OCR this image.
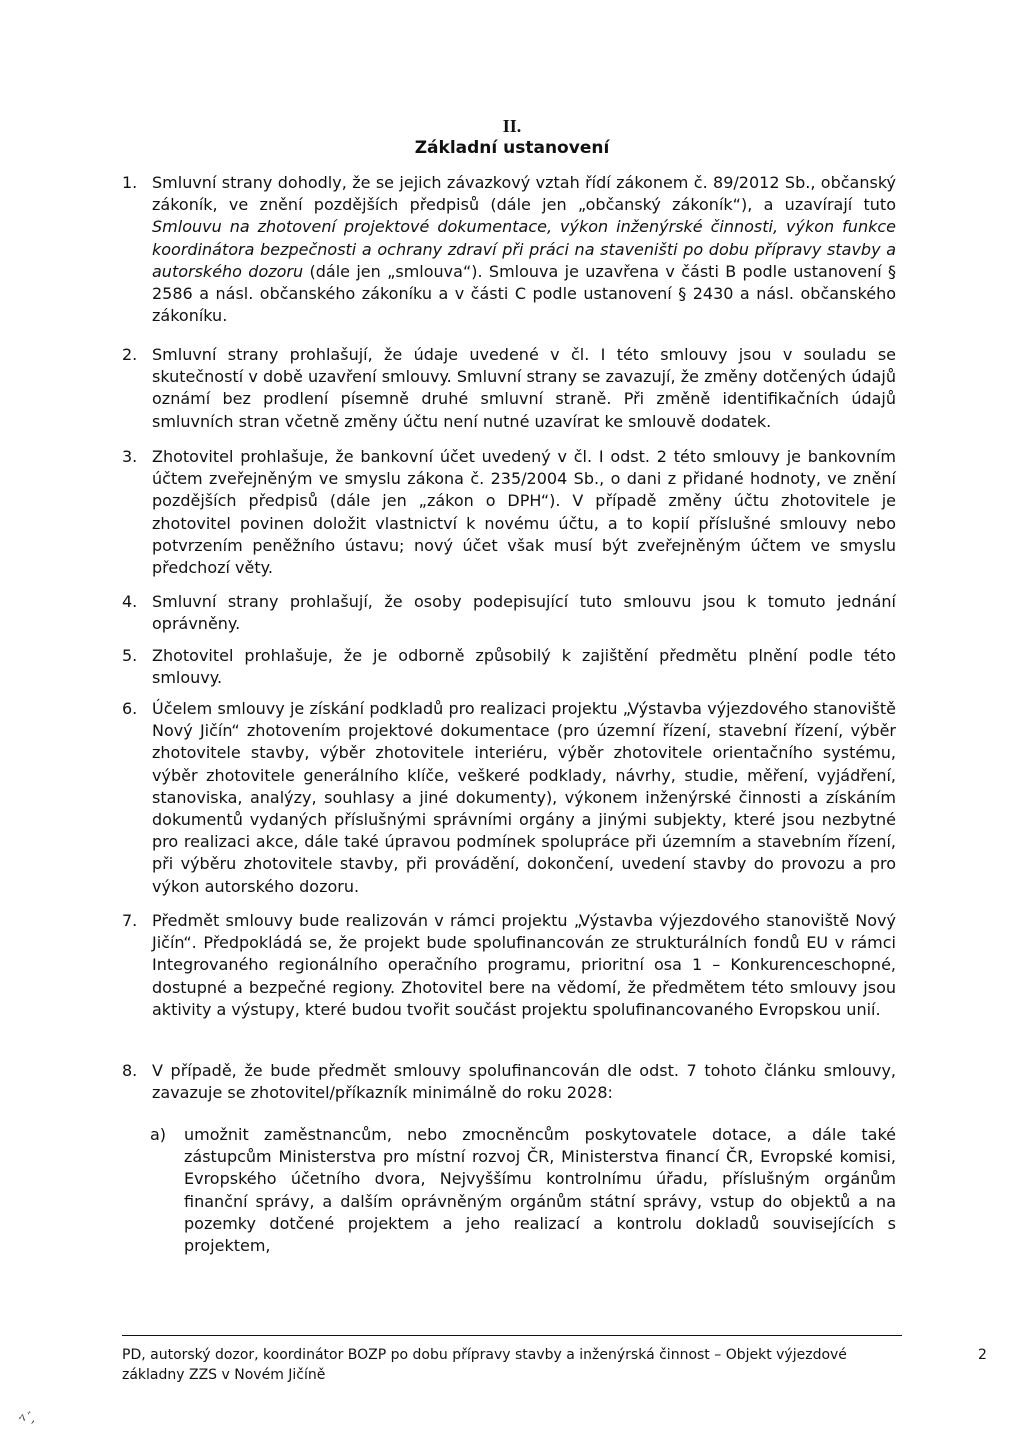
II.
Základní ustanovení
1. Smluvní strany dohodly, že se jejich závazkový vztah řídí zákonem č. 89/2012 Sb., občanský zákoník, ve znění pozdějších předpisů (dále jen „občanský zákoník“), a uzavírají tuto Smlouvu na zhotovení projektové dokumentace, výkon inženýrské činnosti, výkon funkce koordinátora bezpečnosti a ochrany zdraví při práci na staveništi po dobu přípravy stavby a autorského dozoru (dále jen „smlouva“). Smlouva je uzavřena v části B podle ustanovení § 2586 a násl. občanského zákoníku a v části C podle ustanovení § 2430 a násl. občanského zákoníku.
2. Smluvní strany prohlašují, že údaje uvedené v čl. I této smlouvy jsou v souladu se skutečností v době uzavření smlouvy. Smluvní strany se zavazují, že změny dotčených údajů oznámí bez prodlení písemně druhé smluvní straně. Při změně identifikačních údajů smluvních stran včetně změny účtu není nutné uzavírat ke smlouvě dodatek.
3. Zhotovitel prohlašuje, že bankovní účet uvedený v čl. I odst. 2 této smlouvy je bankovním účtem zveřejněným ve smyslu zákona č. 235/2004 Sb., o dani z přidané hodnoty, ve znění pozdějších předpisů (dále jen „zákon o DPH“). V případě změny účtu zhotovitele je zhotovitel povinen doložit vlastnictví k novému účtu, a to kopií příslušné smlouvy nebo potvrzením peněžního ústavu; nový účet však musí být zveřejněným účtem ve smyslu předchozí věty.
4. Smluvní strany prohlašují, že osoby podepisující tuto smlouvu jsou k tomuto jednání oprávněny.
5. Zhotovitel prohlašuje, že je odborně způsobilý k zajištění předmětu plnění podle této smlouvy.
6. Účelem smlouvy je získání podkladů pro realizaci projektu „Výstavba výjezdového stanoviště Nový Jičín“ zhotovením projektové dokumentace (pro územní řízení, stavební řízení, výběr zhotovitele stavby, výběr zhotovitele interiéru, výběr zhotovitele orientačního systému, výběr zhotovitele generálního klíče, veškeré podklady, návrhy, studie, měření, vyjádření, stanoviska, analýzy, souhlasy a jiné dokumenty), výkonem inženýrské činnosti a získáním dokumentů vydaných příslušnými správními orgány a jinými subjekty, které jsou nezbytné pro realizaci akce, dále také úpravou podmínek spolupráce při územním a stavebním řízení, při výběru zhotovitele stavby, při provádění, dokončení, uvedení stavby do provozu a pro výkon autorského dozoru.
7. Předmět smlouvy bude realizován v rámci projektu „Výstavba výjezdového stanoviště Nový Jičín“. Předpokládá se, že projekt bude spolufinancován ze strukturálních fondů EU v rámci Integrovaného regionálního operačního programu, prioritní osa 1 – Konkurenceschopné, dostupné a bezpečné regiony. Zhotovitel bere na vědomí, že předmětem této smlouvy jsou aktivity a výstupy, které budou tvořit součást projektu spolufinancovaného Evropskou unií.
8. V případě, že bude předmět smlouvy spolufinancován dle odst. 7 tohoto článku smlouvy, zavazuje se zhotovitel/příkazník minimálně do roku 2028:
a)	umožnit zaměstnancům, nebo zmocněncům poskytovatele dotace, a dále také zástupcům Ministerstva pro místní rozvoj ČR, Ministerstva financí ČR, Evropské komisi, Evropského účetního dvora, Nejvyššímu kontrolnímu úřadu, příslušným orgánům finanční správy, a dalším oprávněným orgánům státní správy, vstup do objektů a na pozemky dotčené projektem a jeho realizací a kontrolu dokladů souvisejících s projektem,
PD, autorský dozor, koordinátor BOZP po dobu přípravy stavby a inženýrská činnost – Objekt výjezdové základny ZZS v Novém Jičíně
2
ﾍﾞ,
